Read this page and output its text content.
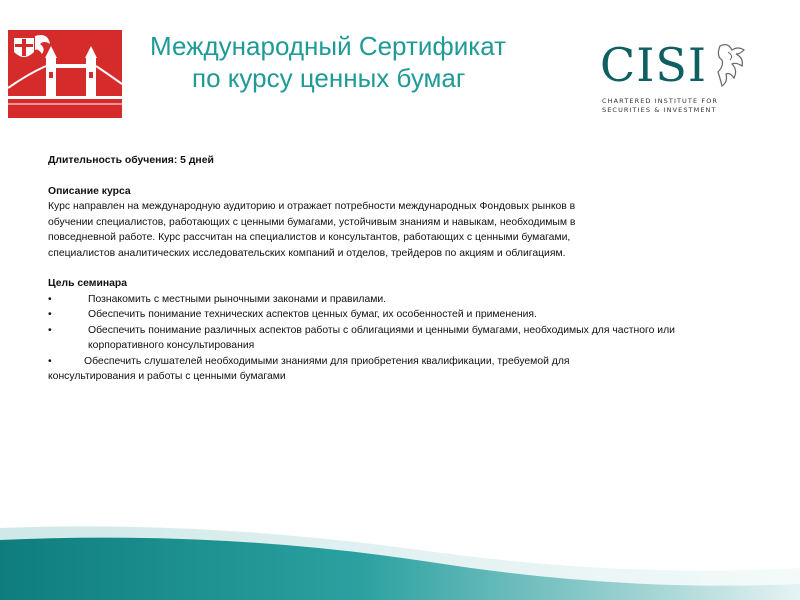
Международный Сертификат
по курсу ценных бумаг	CISI
CHARTERED INSTITUTE FOR
SECURITIES & INVESTMENT

Длительность обучения: 5 дней

Описание курса

Курс направлен на международную аудиторию и отражает потребности международных Фондовых рынков в

обучении специалистов, работающих с ценными бумагами, устойчивым знаниям и навыкам, необходимым в

повседневной работе. Курс рассчитан на специалистов и консультантов, работающих с ценными бумагами,

специалистов аналитических исследовательских компаний и отделов, трейдеров по акциям и облигациям.

Цель семинара

•	Познакомить с местными рыночными законами и правилами.
•	Обеспечить понимание технических аспектов ценных бумаг, их особенностей и применения.
•	Обеспечить понимание различных аспектов работы с облигациями и ценными бумагами, необходимых для частного или корпоративного консультирования
•	Обеспечить слушателей необходимыми знаниями для приобретения квалификации, требуемой для
консультирования и работы с ценными бумагами
